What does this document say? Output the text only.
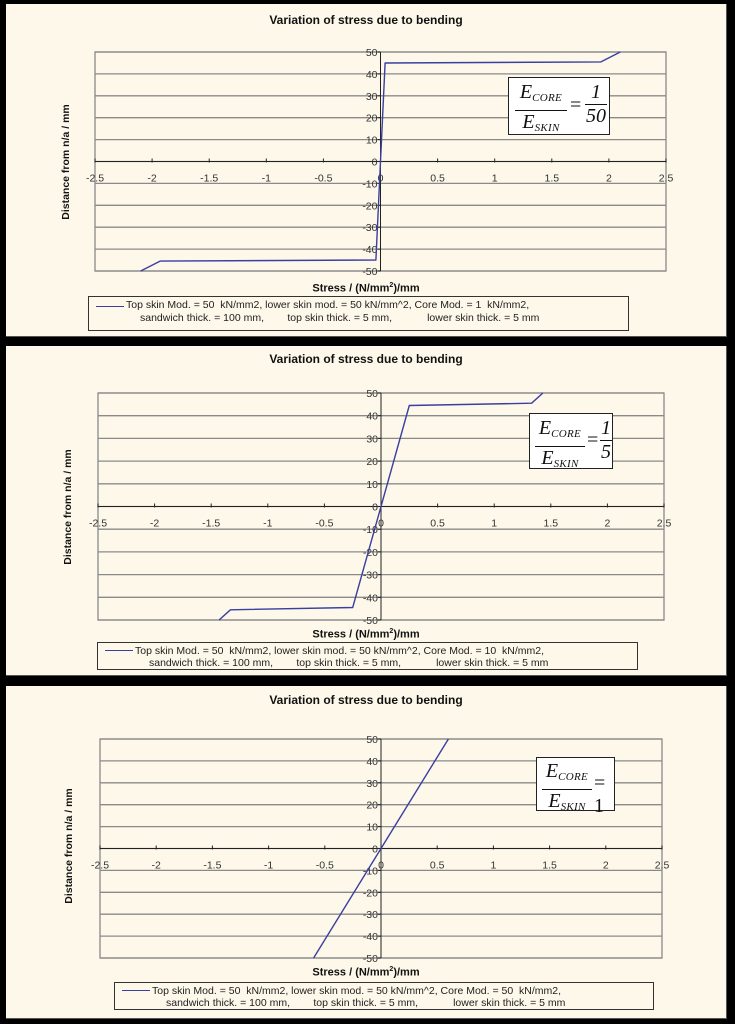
Variation of stress due to bending
Distance from n/a / mm -2.5	-2	-1.5	-1	-0.5	0	0.5	1	1.5	2	2.5
-50
-40
-30
-20
-10
0
10
20
30
40
50
$E_{CORE}$
$E_{SKIN}$
= $\frac{1}{50}$
Stress / $(N/mm^2)/mm$
Top skin Mod. = 50  kN/mm2, lower skin mod. = 50 kN/mm^2, Core Mod. = 1  kN/mm2,
sandwich thick. = 100 mm,        top skin thick. = 5 mm,            lower skin thick. = 5 mm
Variation of stress due to bending
Distance from n/a / mm -2.5	-2	-1.5	-1	-0.5	0	0.5	1	1.5	2	2.5
-50
-40
-30
-20
-10
0
10
20
30
40
50
$E_{CORE}$
$E_{SKIN}$
= $\frac{1}{5}$
Stress / $(N/mm^2)/mm$
Top skin Mod. = 50  kN/mm2, lower skin mod. = 50 kN/mm^2, Core Mod. = 10  kN/mm2,
sandwich thick. = 100 mm,        top skin thick. = 5 mm,            lower skin thick. = 5 mm
Variation of stress due to bending
Distance from n/a / mm -2.5	-2	-1.5	-1	-0.5	0	0.5	1	1.5	2	2.5
-50
-40
-30
-20
-10
0
10
20
30
40
50
$E_{CORE}$
$E_{SKIN}$
= 1
Stress / $(N/mm^2)/mm$
Top skin Mod. = 50  kN/mm2, lower skin mod. = 50 kN/mm^2, Core Mod. = 50  kN/mm2,
sandwich thick. = 100 mm,        top skin thick. = 5 mm,            lower skin thick. = 5 mm
